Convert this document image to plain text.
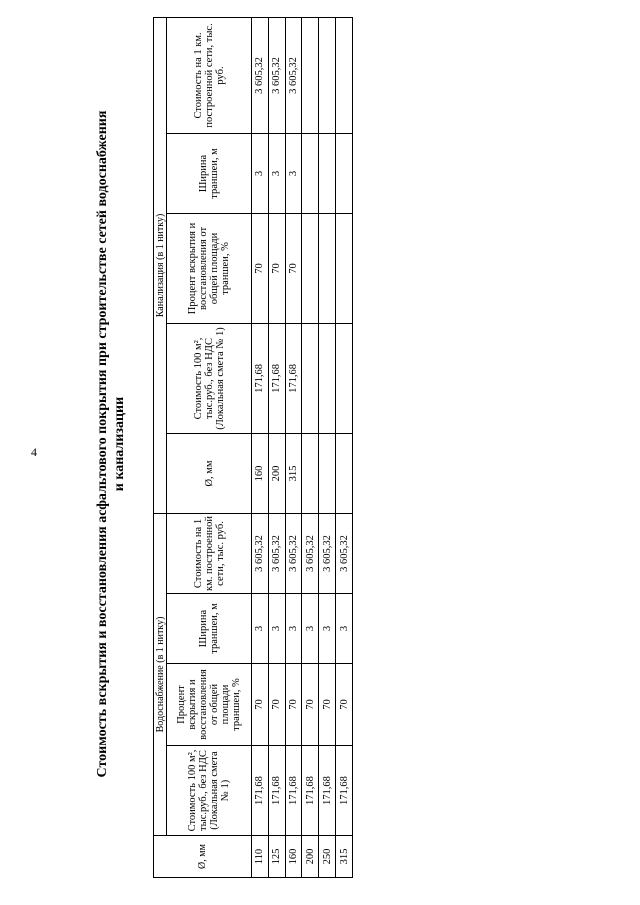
4	Стоимость вскрытия и восстановления асфальтового покрытия при строительстве сетей водоснабжения и канализации
Ø, мм	Водоснабжение (в 1 нитку)				Канализация (в 1 нитку)				
	Стоимость 100 м², тыс.руб., без НДС (Локальная смета № 1)	Процент вскрытия и восстановления от общей площади траншеи, %	Ширина траншеи, м	Стоимость на 1 км. построенной сети, тыс. руб.	Ø, мм	Стоимость 100 м², тыс.руб., без НДС (Локальная смета № 1)	Процент вскрытия и восстановления от общей площади траншеи, %	Ширина траншеи, м	Стоимость на 1 км. построенной сети, тыс. руб.
110	171,68	70	3	3 605,32	160	171,68	70	3	3 605,32
125	171,68	70	3	3 605,32	200	171,68	70	3	3 605,32
160	171,68	70	3	3 605,32	315	171,68	70	3	3 605,32
200	171,68	70	3	3 605,32					
250	171,68	70	3	3 605,32					
315	171,68	70	3	3 605,32					
